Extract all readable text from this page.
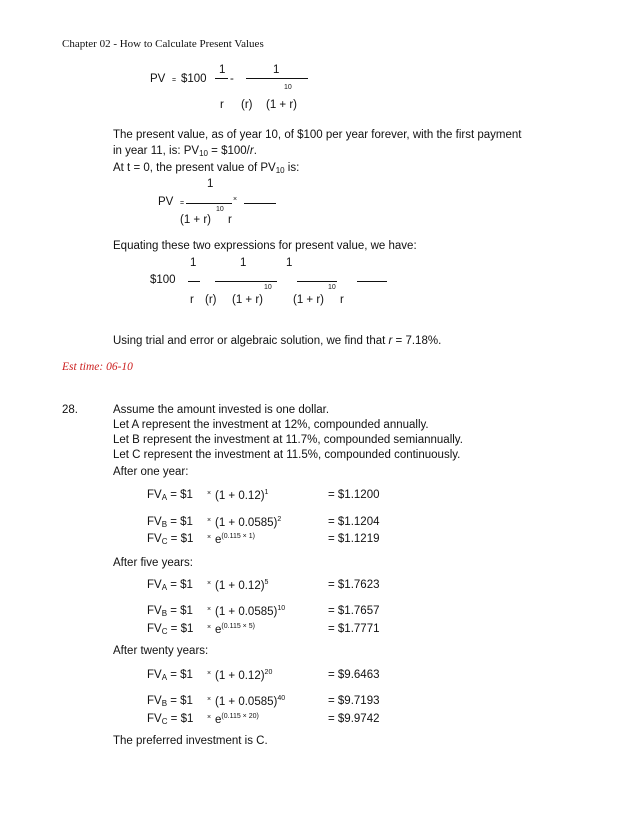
Chapter 02 - How to Calculate Present Values
PV = $100
1
-
1
10
r (r) (1 + r)
The present value, as of year 10, of $100 per year forever, with the first payment
in year 11, is: $PV_{10}$ = $100/r.
At t = 0, the present value of $PV_{10}$ is:
1
PV =
10
×
(1 + r) r
Equating these two expressions for present value, we have:
1	1	1
$100
10	10
r (r) (1 + r)	(1 + r) r
Using trial and error or algebraic solution, we find that r = 7.18%.
Est time: 06-10
28.	Assume the amount invested is one dollar.
Let A represent the investment at 12%, compounded annually.
Let B represent the investment at 11.7%, compounded semiannually.
Let C represent the investment at 11.5%, compounded continuously.
After one year:
After five years:
After twenty years:
$FV_A$ = $1 × $(1 + 0.12)^1$	= $1.1200
$FV_B$ = $1 × $(1 + 0.0585)^2$	= $1.1204
$FV_C$ = $1 × $e^{(0.115 \times 1)}$	= $1.1219
$FV_A$ = $1 × $(1 + 0.12)^5$	= $1.7623
$FV_B$ = $1 × $(1 + 0.0585)^{10}$	= $1.7657
$FV_C$ = $1 × $e^{(0.115 \times 5)}$	= $1.7771
$FV_A$ = $1 × $(1 + 0.12)^{20}$	= $9.6463
$FV_B$ = $1 × $(1 + 0.0585)^{40}$	= $9.7193
$FV_C$ = $1 × $e^{(0.115 \times 20)}$	= $9.9742
The preferred investment is C.
